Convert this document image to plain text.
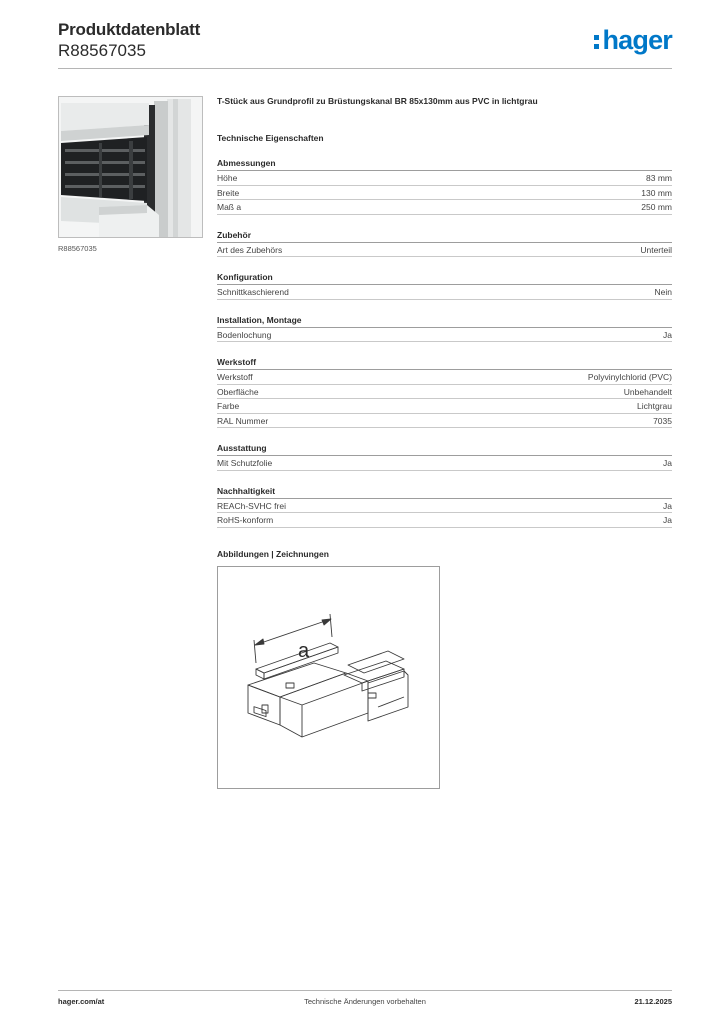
Produktdatenblatt
R88567035	hager
R88567035
T-Stück aus Grundprofil zu Brüstungskanal BR 85x130mm aus PVC in lichtgrau
Technische Eigenschaften
Abmessungen
Höhe	83 mm
Breite	130 mm
Maß a	250 mm
Zubehör
Art des Zubehörs	Unterteil
Konfiguration
Schnittkaschierend	Nein
Installation, Montage
Bodenlochung	Ja
Werkstoff
Werkstoff	Polyvinylchlorid (PVC)
Oberfläche	Unbehandelt
Farbe	Lichtgrau
RAL Nummer	7035
Ausstattung
Mit Schutzfolie	Ja
Nachhaltigkeit
REACh-SVHC frei	Ja
RoHS-konform	Ja
Abbildungen | Zeichnungen
a
hager.com/at	Technische Änderungen vorbehalten	21.12.2025
